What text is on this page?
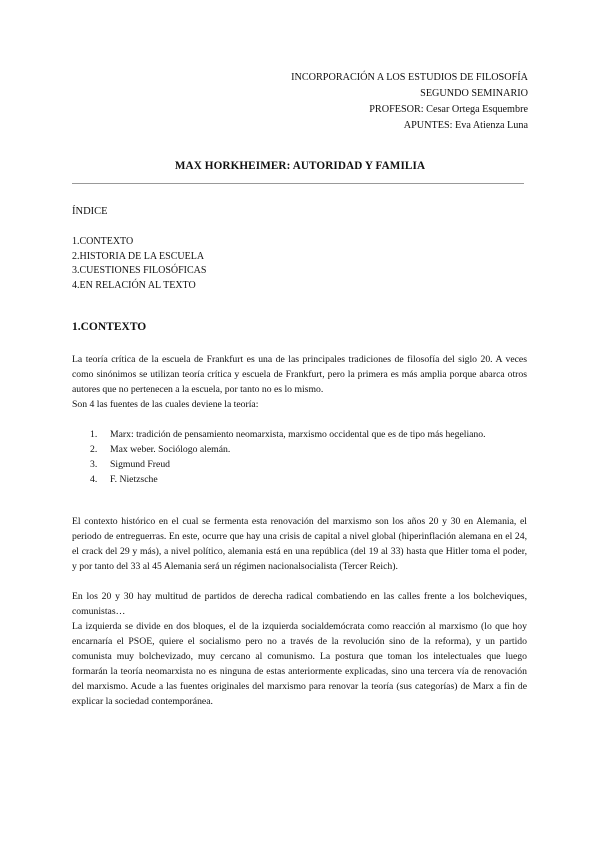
INCORPORACIÓN A LOS ESTUDIOS DE FILOSOFÍA
SEGUNDO SEMINARIO
PROFESOR: Cesar Ortega Esquembre
APUNTES: Eva Atienza Luna
MAX HORKHEIMER: AUTORIDAD Y FAMILIA
ÍNDICE
1.CONTEXTO
2.HISTORIA DE LA ESCUELA
3.CUESTIONES FILOSÓFICAS
4.EN RELACIÓN AL TEXTO
1.CONTEXTO

La teoría crítica de la escuela de Frankfurt es una de las principales tradiciones de filosofía del siglo 20. A veces como sinónimos se utilizan teoría crítica y escuela de Frankfurt, pero la primera es más amplia porque abarca otros autores que no pertenecen a la escuela, por tanto no es lo mismo.

Son 4 las fuentes de las cuales deviene la teoría:

1. Marx: tradición de pensamiento neomarxista, marxismo occidental que es de tipo más hegeliano.
2. Max weber. Sociólogo alemán.
3. Sigmund Freud
4. F. Nietzsche

El contexto histórico en el cual se fermenta esta renovación del marxismo son los años 20 y 30 en Alemania, el periodo de entreguerras. En este, ocurre que hay una crisis de capital a nivel global (hiperinflación alemana en el 24, el crack del 29 y más), a nivel político, alemania está en una república (del 19 al 33) hasta que Hitler toma el poder, y por tanto del 33 al 45 Alemania será un régimen nacionalsocialista (Tercer Reich).

En los 20 y 30 hay multitud de partidos de derecha radical combatiendo en las calles frente a los bolcheviques, comunistas…

La izquierda se divide en dos bloques, el de la izquierda socialdemócrata como reacción al marxismo (lo que hoy encarnaría el PSOE, quiere el socialismo pero no a través de la revolución sino de la reforma), y un partido comunista muy bolchevizado, muy cercano al comunismo. La postura que toman los intelectuales que luego formarán la teoría neomarxista no es ninguna de estas anteriormente explicadas, sino una tercera vía de renovación del marxismo. Acude a las fuentes originales del marxismo para renovar la teoría (sus categorías) de Marx a fin de explicar la sociedad contemporánea.
